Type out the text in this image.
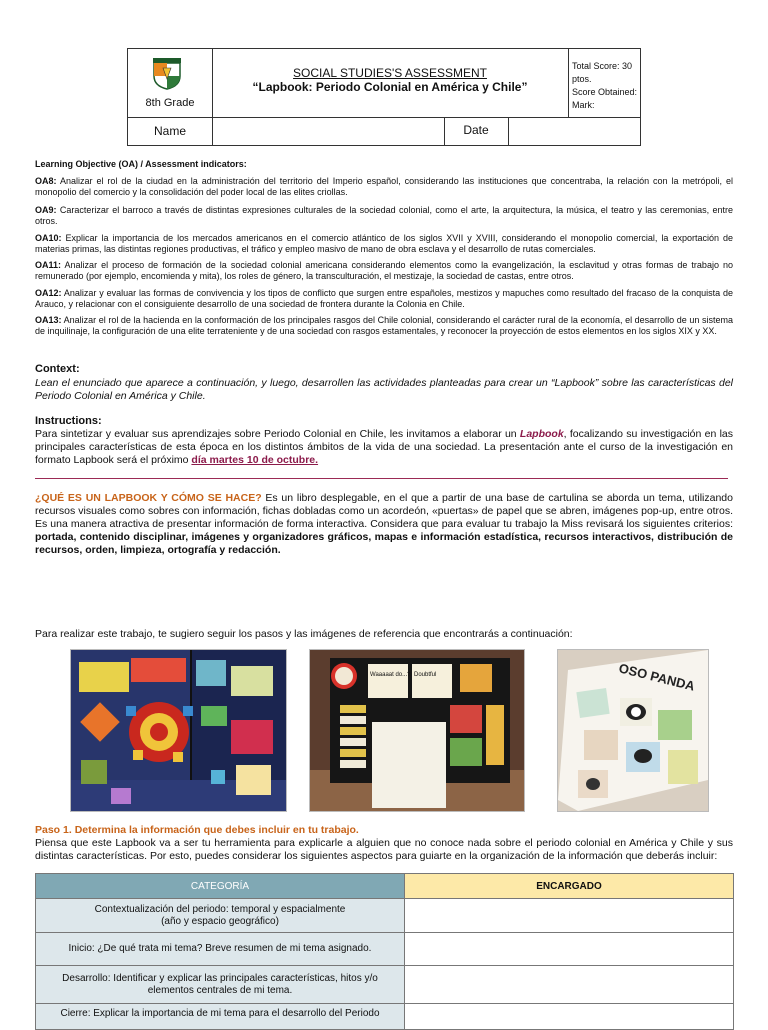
8th Grade
SOCIAL STUDIES'S ASSESSMENT
“Lapbook: Periodo Colonial en América y Chile”
Total Score: 30 ptos.
Score Obtained:
Mark:
Name	Date
Learning Objective (OA) / Assessment indicators:
OA8: Analizar el rol de la ciudad en la administración del territorio del Imperio español, considerando las instituciones que concentraba, la relación con la metrópoli, el monopolio del comercio y la consolidación del poder local de las elites criollas.
OA9: Caracterizar el barroco a través de distintas expresiones culturales de la sociedad colonial, como el arte, la arquitectura, la música, el teatro y las ceremonias, entre otros.
OA10: Explicar la importancia de los mercados americanos en el comercio atlántico de los siglos XVII y XVIII, considerando el monopolio comercial, la exportación de materias primas, las distintas regiones productivas, el tráfico y empleo masivo de mano de obra esclava y el desarrollo de rutas comerciales.
OA11: Analizar el proceso de formación de la sociedad colonial americana considerando elementos como la evangelización, la esclavitud y otras formas de trabajo no remunerado (por ejemplo, encomienda y mita), los roles de género, la transculturación, el mestizaje, la sociedad de castas, entre otros.
OA12: Analizar y evaluar las formas de convivencia y los tipos de conflicto que surgen entre españoles, mestizos y mapuches como resultado del fracaso de la conquista de Arauco, y relacionar con el consiguiente desarrollo de una sociedad de frontera durante la Colonia en Chile.
OA13: Analizar el rol de la hacienda en la conformación de los principales rasgos del Chile colonial, considerando el carácter rural de la economía, el desarrollo de un sistema de inquilinaje, la configuración de una elite terrateniente y de una sociedad con rasgos estamentales, y reconocer la proyección de estos elementos en los siglos XIX y XX.
Context:
Lean el enunciado que aparece a continuación, y luego, desarrollen las actividades planteadas para crear un “Lapbook” sobre las características del Periodo Colonial en América y Chile.
Instructions:
Para sintetizar y evaluar sus aprendizajes sobre Periodo Colonial en Chile, les invitamos a elaborar un Lapbook, focalizando su investigación en las principales características de esta época en los distintos ámbitos de la vida de una sociedad. La presentación ante el curso de la investigación en formato Lapbook será el próximo día martes 10 de octubre.
¿QUÉ ES UN LAPBOOK Y CÓMO SE HACE? Es un libro desplegable, en el que a partir de una base de cartulina se aborda un tema, utilizando recursos visuales como sobres con información, fichas dobladas como un acordeón, «puertas» de papel que se abren, imágenes pop-up, entre otros. Es una manera atractiva de presentar información de forma interactiva. Considera que para evaluar tu trabajo la Miss revisará los siguientes criterios: portada, contenido disciplinar, imágenes y organizadores gráficos, mapas e información estadística, recursos interactivos, distribución de recursos, orden, limpieza, ortografía y redacción.
Para realizar este trabajo, te sugiero seguir los pasos y las imágenes de referencia que encontrarás a continuación:
Waaaaat do...? Doubtful	OSO PANDA
Paso 1. Determina la información que debes incluir en tu trabajo.
Piensa que este Lapbook va a ser tu herramienta para explicarle a alguien que no conoce nada sobre el periodo colonial en América y Chile y sus distintas características. Por esto, puedes considerar los siguientes aspectos para guiarte en la organización de la información que deberás incluir:
CATEGORÍA	ENCARGADO

Contextualización del periodo: temporal y espacialmente
(año y espacio geográfico)	

Inicio: ¿De qué trata mi tema? Breve resumen de mi tema asignado.	

Desarrollo: Identificar y explicar las principales características, hitos y/o
elementos centrales de mi tema.	

Cierre: Explicar la importancia de mi tema para el desarrollo del Periodo	
